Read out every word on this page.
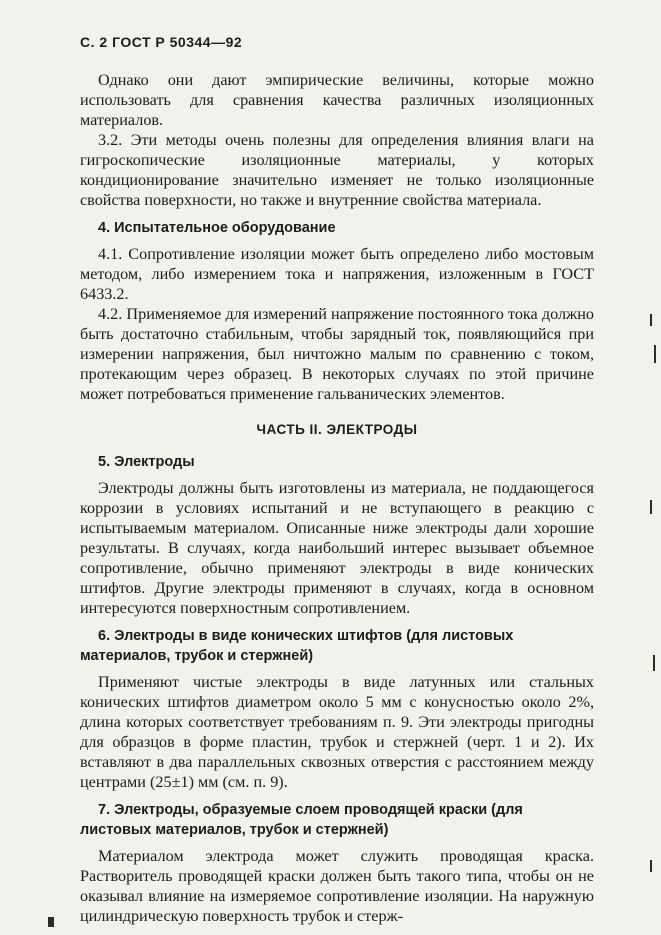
С. 2 ГОСТ Р 50344—92

Однако они дают эмпирические величины, которые можно использовать для сравнения качества различных изоляционных материалов.

3.2. Эти методы очень полезны для определения влияния влаги на гигроскопические изоляционные материалы, у которых кондиционирование значительно изменяет не только изоляционные свойства поверхности, но также и внутренние свойства материала.

4. Испытательное оборудование

4.1. Сопротивление изоляции может быть определено либо мостовым методом, либо измерением тока и напряжения, изложенным в ГОСТ 6433.2.

4.2. Применяемое для измерений напряжение постоянного тока должно быть достаточно стабильным, чтобы зарядный ток, появляющийся при измерении напряжения, был ничтожно малым по сравнению с током, протекающим через образец. В некоторых случаях по этой причине может потребоваться применение гальванических элементов.

ЧАСТЬ II. ЭЛЕКТРОДЫ

5. Электроды

Электроды должны быть изготовлены из материала, не поддающегося коррозии в условиях испытаний и не вступающего в реакцию с испытываемым материалом. Описанные ниже электроды дали хорошие результаты. В случаях, когда наибольший интерес вызывает объемное сопротивление, обычно применяют электроды в виде конических штифтов. Другие электроды применяют в случаях, когда в основном интересуются поверхностным сопротивлением.

6. Электроды в виде конических штифтов (для листовых материалов, трубок и стержней)

Применяют чистые электроды в виде латунных или стальных конических штифтов диаметром около 5 мм с конусностью около 2%, длина которых соответствует требованиям п. 9. Эти электроды пригодны для образцов в форме пластин, трубок и стержней (черт. 1 и 2). Их вставляют в два параллельных сквозных отверстия с расстоянием между центрами (25±1) мм (см. п. 9).

7. Электроды, образуемые слоем проводящей краски (для листовых материалов, трубок и стержней)

Материалом электрода может служить проводящая краска. Растворитель проводящей краски должен быть такого типа, чтобы он не оказывал влияние на измеряемое сопротивление изоляции. На наружную цилиндрическую поверхность трубок и стерж-
